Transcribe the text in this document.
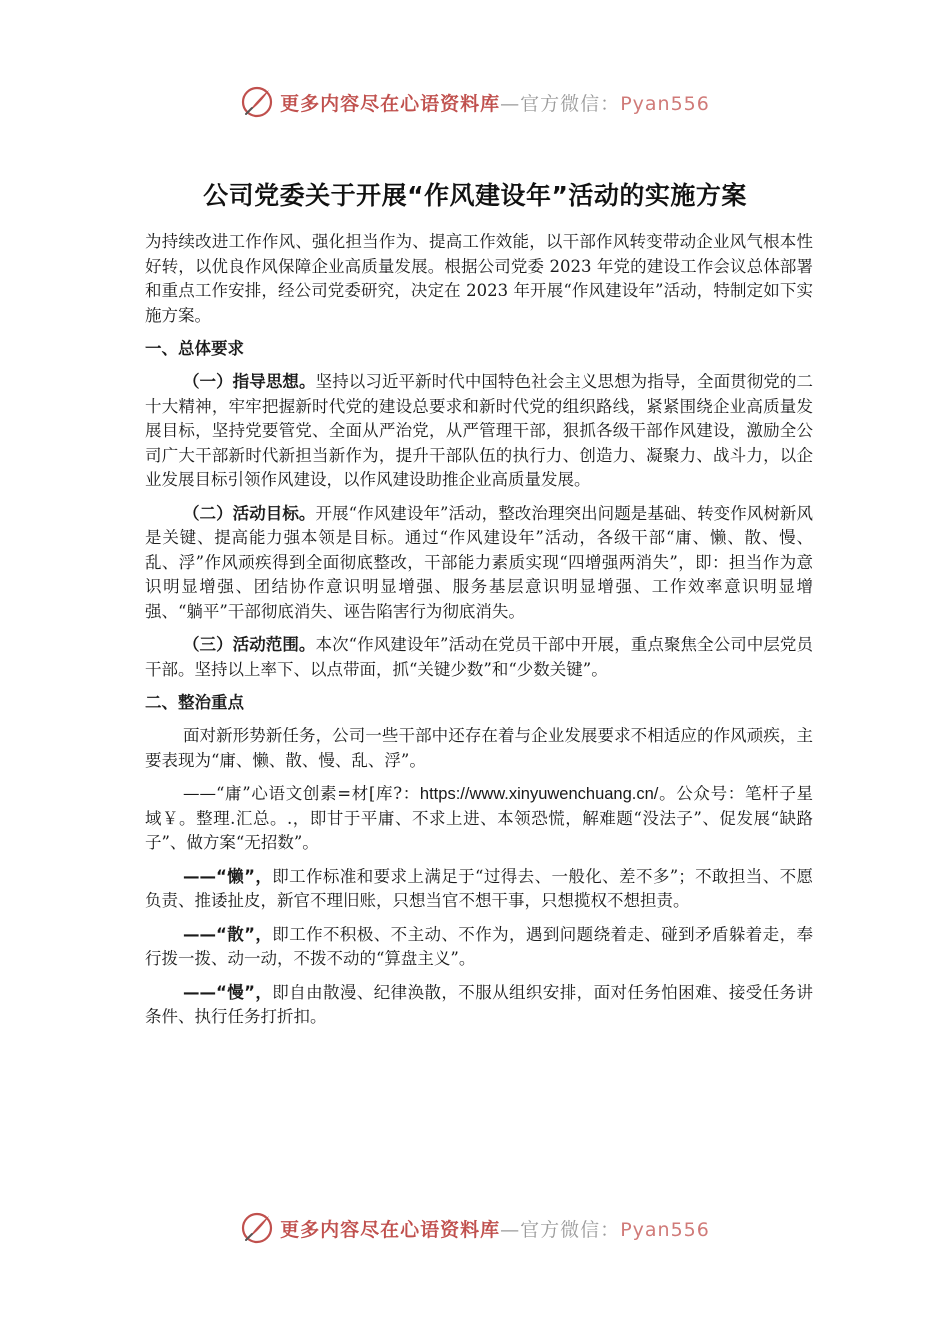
更多内容尽在心语资料库—官方微信：Pyan556
公司党委关于开展“作风建设年”活动的实施方案

为持续改进工作作风、强化担当作为、提高工作效能，以干部作风转变带动企业风气根本性好转，以优良作风保障企业高质量发展。根据公司党委 2023 年党的建设工作会议总体部署和重点工作安排，经公司党委研究，决定在 2023 年开展“作风建设年”活动，特制定如下实施方案。

一、总体要求

（一）指导思想。坚持以习近平新时代中国特色社会主义思想为指导，全面贯彻党的二十大精神，牢牢把握新时代党的建设总要求和新时代党的组织路线，紧紧围绕企业高质量发展目标，坚持党要管党、全面从严治党，从严管理干部，狠抓各级干部作风建设，激励全公司广大干部新时代新担当新作为，提升干部队伍的执行力、创造力、凝聚力、战斗力，以企业发展目标引领作风建设，以作风建设助推企业高质量发展。

（二）活动目标。开展“作风建设年”活动，整改治理突出问题是基础、转变作风树新风是关键、提高能力强本领是目标。通过“作风建设年”活动，各级干部“庸、懒、散、慢、乱、浮”作风顽疾得到全面彻底整改，干部能力素质实现“四增强两消失”，即：担当作为意识明显增强、团结协作意识明显增强、服务基层意识明显增强、工作效率意识明显增强、“躺平”干部彻底消失、诬告陷害行为彻底消失。

（三）活动范围。本次“作风建设年”活动在党员干部中开展，重点聚焦全公司中层党员干部。坚持以上率下、以点带面，抓“关键少数”和“少数关键”。

二、整治重点

面对新形势新任务，公司一些干部中还存在着与企业发展要求不相适应的作风顽疾，主要表现为“庸、懒、散、慢、乱、浮”。

——“庸”心语文创素=材[库?：https://www.xinyuwenchuang.cn/。公众号：笔杆子星域￥。整理.汇总。.，即甘于平庸、不求上进、本领恐慌，解难题“没法子”、促发展“缺路子”、做方案“无招数”。

——“懒”，即工作标准和要求上满足于“过得去、一般化、差不多”；不敢担当、不愿负责、推诿扯皮，新官不理旧账，只想当官不想干事，只想揽权不想担责。

——“散”，即工作不积极、不主动、不作为，遇到问题绕着走、碰到矛盾躲着走，奉行拨一拨、动一动，不拨不动的“算盘主义”。

——“慢”，即自由散漫、纪律涣散，不服从组织安排，面对任务怕困难、接受任务讲条件、执行任务打折扣。

更多内容尽在心语资料库—官方微信：Pyan556
